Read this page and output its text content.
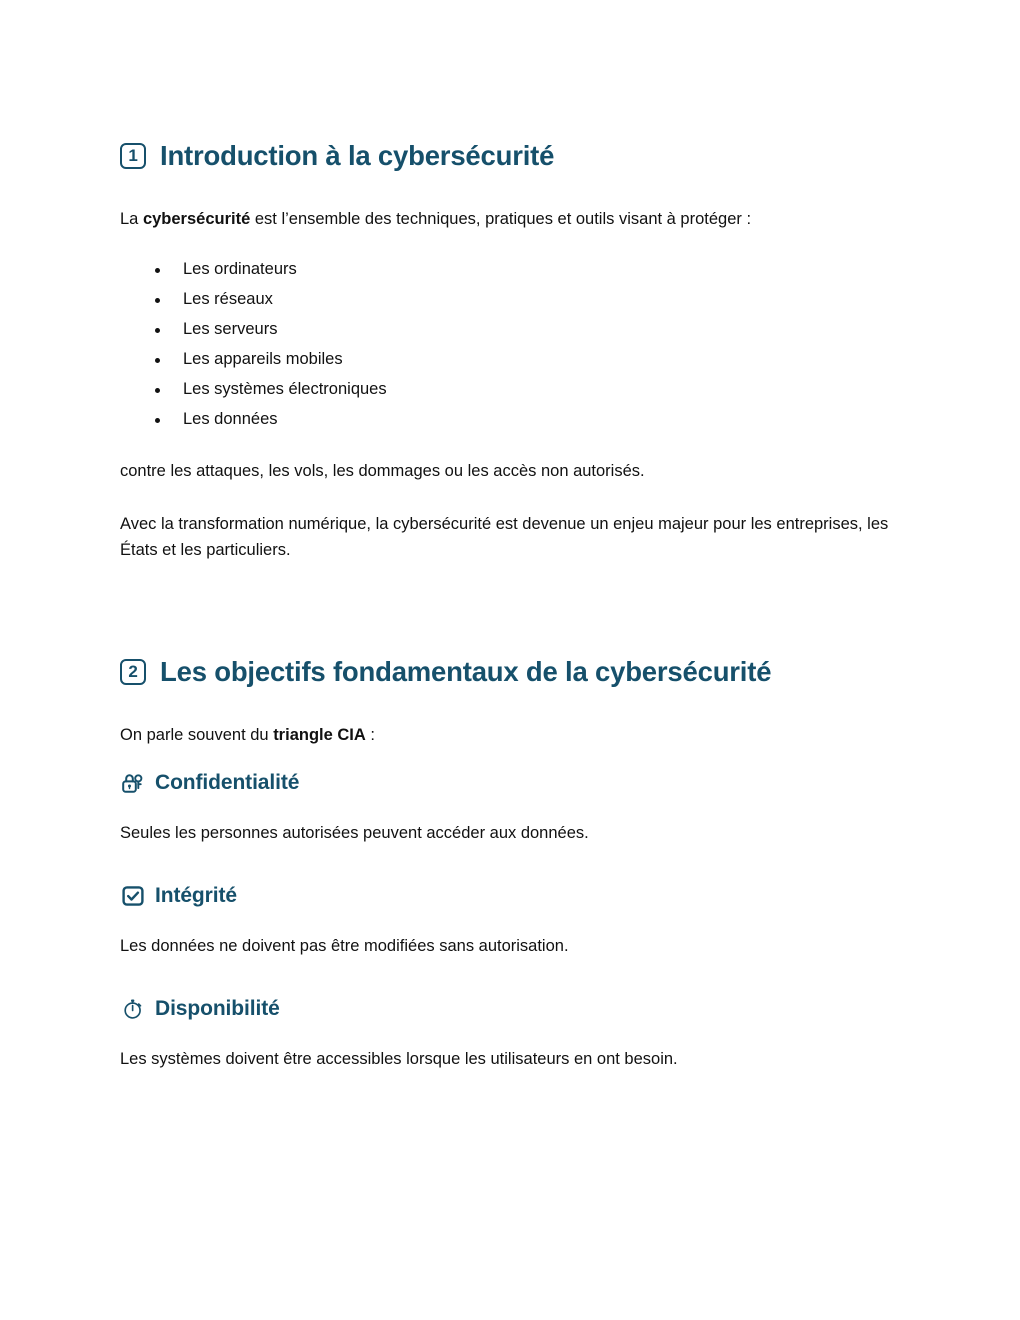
1 Introduction à la cybersécurité

La cybersécurité est l’ensemble des techniques, pratiques et outils visant à protéger :

Les ordinateurs
Les réseaux
Les serveurs
Les appareils mobiles
Les systèmes électroniques
Les données

contre les attaques, les vols, les dommages ou les accès non autorisés.

Avec la transformation numérique, la cybersécurité est devenue un enjeu majeur pour les entreprises, les États et les particuliers.

2 Les objectifs fondamentaux de la cybersécurité

On parle souvent du triangle CIA :

Confidentialité

Seules les personnes autorisées peuvent accéder aux données.

Intégrité

Les données ne doivent pas être modifiées sans autorisation.

Disponibilité

Les systèmes doivent être accessibles lorsque les utilisateurs en ont besoin.
